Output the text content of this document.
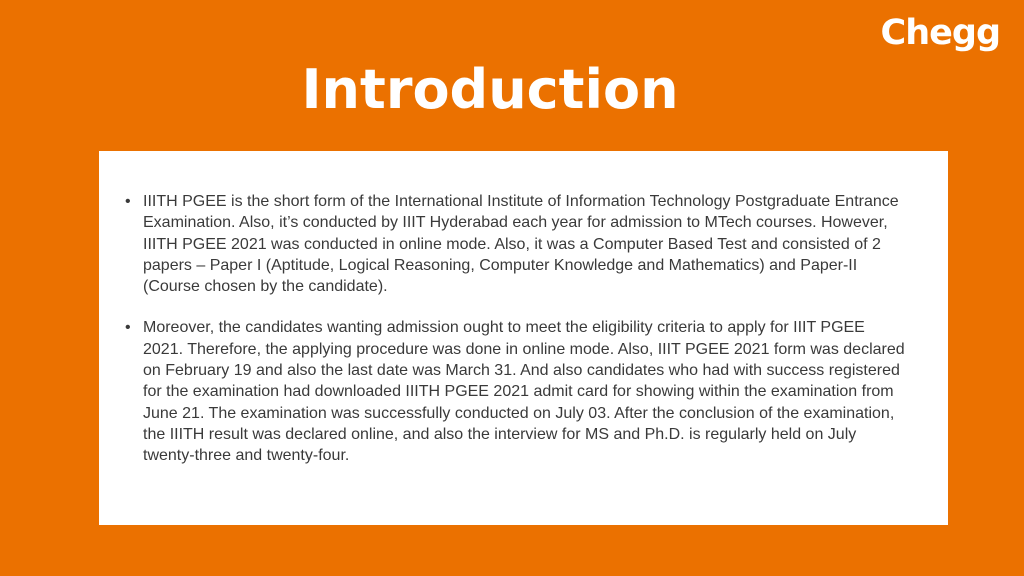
Chegg
Introduction
• IIITH PGEE is the short form of the International Institute of Information Technology Postgraduate Entrance Examination. Also, it’s conducted by IIIT Hyderabad each year for admission to MTech courses. However, IIITH PGEE 2021 was conducted in online mode. Also, it was a Computer Based Test and consisted of 2 papers – Paper I (Aptitude, Logical Reasoning, Computer Knowledge and Mathematics) and Paper-II (Course chosen by the candidate).
• Moreover, the candidates wanting admission ought to meet the eligibility criteria to apply for IIIT PGEE 2021. Therefore, the applying procedure was done in online mode. Also, IIIT PGEE 2021 form was declared on February 19 and also the last date was March 31. And also candidates who had with success registered for the examination had downloaded IIITH PGEE 2021 admit card for showing within the examination from June 21. The examination was successfully conducted on July 03. After the conclusion of the examination, the IIITH result was declared online, and also the interview for MS and Ph.D. is regularly held on July twenty-three and twenty-four.
